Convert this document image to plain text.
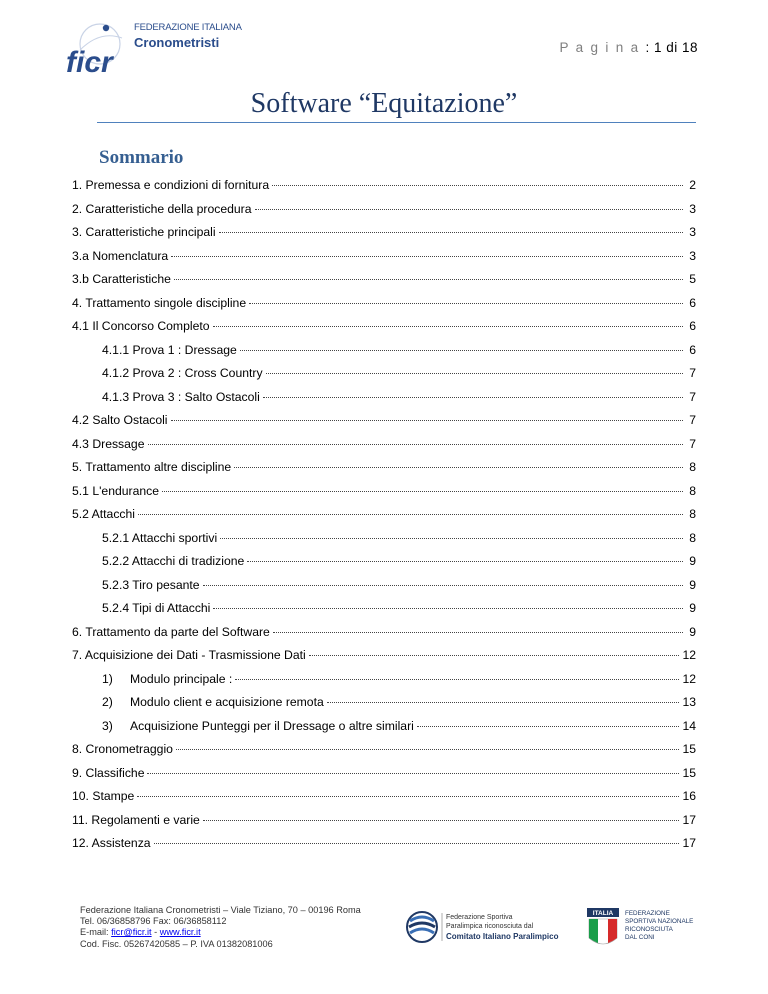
ficr
FEDERAZIONE ITALIANA
Cronometristi	P a g i n a : 1 di 18
Software “Equitazione”
Sommario
1. Premessa e condizioni di fornitura	2
2. Caratteristiche della procedura	3
3. Caratteristiche principali	3
3.a Nomenclatura	3
3.b Caratteristiche	5
4. Trattamento singole discipline	6
4.1 Il Concorso Completo	6
4.1.1 Prova 1 : Dressage	6
4.1.2 Prova 2 : Cross Country	7
4.1.3 Prova 3 : Salto Ostacoli	7
4.2 Salto Ostacoli	7
4.3 Dressage	7
5. Trattamento altre discipline	8
5.1 L'endurance	8
5.2 Attacchi	8
5.2.1 Attacchi sportivi	8
5.2.2 Attacchi di tradizione	9
5.2.3 Tiro pesante	9
5.2.4 Tipi di Attacchi	9
6. Trattamento da parte del Software	9
7. Acquisizione dei Dati - Trasmissione Dati	12
1)	Modulo principale :	12
2)	Modulo client e acquisizione remota	13
3)	Acquisizione Punteggi per il Dressage o altre similari	14
8. Cronometraggio	15
9. Classifiche	15
10. Stampe	16
11. Regolamenti e varie	17
12. Assistenza	17
Federazione Italiana Cronometristi – Viale Tiziano, 70 – 00196 Roma
Tel. 06/36858796 Fax: 06/36858112
E-mail: ficr@ficr.it - www.ficr.it
Cod. Fisc. 05267420585 – P. IVA 01382081006
Federazione Sportiva
Paralimpica riconosciuta dal
Comitato Italiano Paralimpico
ITALIA FEDERAZIONE
SPORTIVA NAZIONALE
RICONOSCIUTA
DAL CONI
